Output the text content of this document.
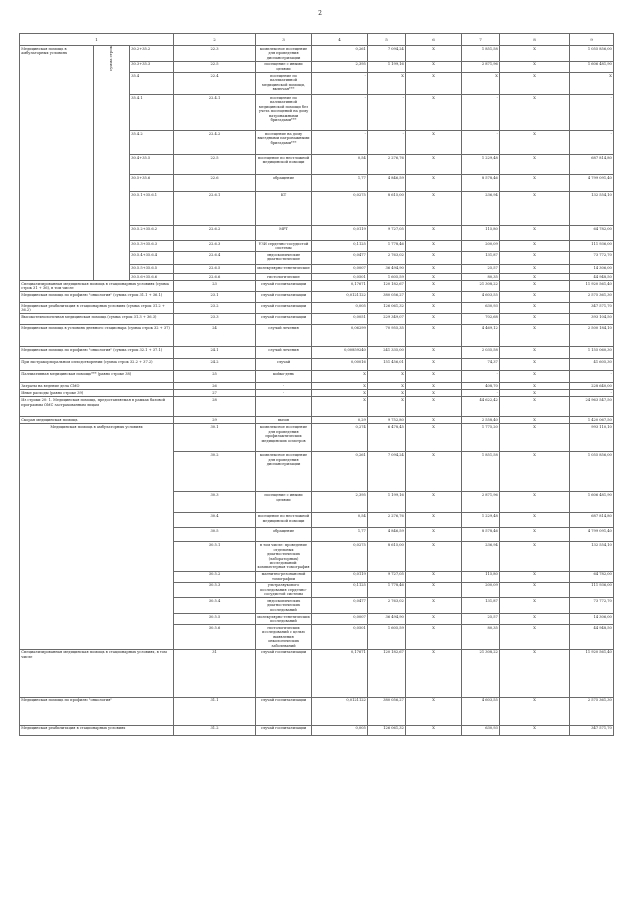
2
1			2	3	4	5	6	7	8	9	
Медицинская помощь в амбулаторных условиях	сумма строк	30.2+35.2	22.3	комплексное посещение для проведения диспансеризации	0,261	7 094,24	X	1 851,58	X	1 055 856,00	
		30.3+35.3	22.5	посещение с иными целями	2,395	1 199,16	X	2 871,96	X	1 606 481,90	
		35.4	22.4	посещение по паллиативной медицинской помощи, включая***	-	X	X	X	X	X	
		35.4.1	22.4.1	посещение по паллиативной медицинской помощи без учета посещений на дому патронажными бригадами***	-	-	X	-	X	-	
		35.4.2	22.4.2	посещение на дому выездными патронажными бригадами***	-	-	X	-	X	-	
		30.4+35.5	22.5	посещение по неотложной медицинской помощи	0,54	2 276,76	X	1 229,48	X	687 814,80	
		30.5+35.6	22.6	обращение	1,77	4 846,59	X	8 578,46	X	4 799 091,40	
		30.5.1+35.6.1	22.6.1	КТ	0,0275	8 615,00	X	236,94	X	132 554,10	
		30.5.2+35.6.2	22.6.2	МРТ	0,0119	9 727,05	X	115,80	X	64 782,00	
		30.5.3+35.6.3	22.6.3	УЗИ сердечно-сосудистой системы	0,1125	1 778,46	X	200,09	X	111 936,00	
		30.5.4+35.6.4	22.6.4	эндоскопические диагностические	0,0477	2 763,02	X	131,87	X	73 772,70	
		30.5.5+35.6.5	22.6.5	молекулярно-генетические	0,0007	36 494,90	X	25,57	X	14 306,00	
		30.5.6+35.6.6	22.6.6	гистологические	0,0501	1 605,59	X	80,35	X	44 948,50	
Специализированная медицинская помощь в стационарных условиях (сумма строк 31 + 36), в том числе			23	случай госпитализации	0,17671	120 182,67	X	21 308,22	X	11 920 561,40	
Медицинская помощь по профилю "онкология" (сумма строк 31.1 + 36.1)			23.1	случай госпитализации	0,0121122	380 056,27	X	4 603,55	X	2 575 361,30	
Медицинская реабилитация в стационарных условиях (сумма строк 31.2 + 36.2)			23.2	случай госпитализации	0,005	126 061,32	X	630,93	X	347 571,70	
Высокотехнологичная медицинская помощь (сумма строк 31.3 + 36.3)			23.3	случай госпитализации	0,0051	229 349,07	X	702,68	X	393 104,50	
Медицинская помощь в условиях дневного стационара (сумма строк 32 + 37)			24	случай лечения	0,06299	70 955,35	X	4 469,12	X	2 500 184,10	
Медицинская помощь по профилю "онкология" (сумма строк 32.1 + 37.1)			24.1	случай лечения	0,00859240	241 335,00	X	2 035,58	X	1 155 060,30	
При экстракорпоральном оплодотворении (сумма строк 32.2 + 37.2)			24.2	случай	0,00016	151 456,01	X	74,37	X	41 605,30	
Паллиативная медицинская помощь*** (равно строке 38)			25	койко-день	X	X	X	-	X	-	
Затраты на ведение дела СМО			26	-	X	X	X	408,70	X	228 640,00	
Иные расходы (равно строке 39)			27	-	X	X	X	-	X	-	
Из строки 20: 1. Медицинская помощь, предоставляемая в рамках базовой программы ОМС застрахованным лицам			28		X	X	X	44 622,42	X	24 963 547,50	
Скорая медицинская помощь			29	вызов	0,29	9 752,80	X	2 558,40	X	1 420 067,50	
Медицинская помощь в амбулаторных условиях			30.1	комплексное посещение для проведения профилактических медицинских осмотров	0,274	6 478,45	X	1 775,20	X	993 110,10	
			30.2	комплексное посещение для проведения диспансеризации	0,261	7 094,24	X	1 851,58	X	1 055 856,00	
			30.3	посещение с иными целями	2,395	1 199,16	X	2 871,96	X	1 606 481,90	
			30.4	посещение по неотложной медицинской помощи	0,54	2 276,76	X	1 229,48	X	687 814,80	
			30.5	обращение	1,77	4 846,59	X	8 578,46	X	4 799 091,40	
			30.5.1	в том числе: проведение отдельных диагностических (лабораторных) исследований: компьютерная томография	0,0275	8 615,00	X	236,94	X	132 554,10	
			30.5.2	магнитно-резонансной томографии	0,0119	9 727,05	X	115,80	X	64 782,00	
			30.5.3	ультразвукового исследования сердечно-сосудистой системы	0,1125	1 778,46	X	200,09	X	111 936,00	
			30.5.4	эндоскопических диагностических исследований	0,0477	2 763,02	X	131,87	X	73 772,70	
			30.5.5	молекулярно-генетических исследований	0,0007	36 494,90	X	25,57	X	14 306,00	
			30.5.6	гистологических исследований с целью выявления онкологических заболеваний	0,0501	1 605,59	X	80,35	X	44 948,50	
Специализированная медицинская помощь в стационарных условиях, в том числе			31	случай госпитализации	0,17671	120 182,67	X	21 308,22	X	11 920 561,40	
Медицинская помощь по профилю "онкология"			31.1	случай госпитализации	0,0121122	380 056,27	X	4 603,55	X	2 575 361,30	
Медицинская реабилитация в стационарных условиях			31.2	случай госпитализации	0,005	126 061,32	X	630,93	X	347 571,70	
